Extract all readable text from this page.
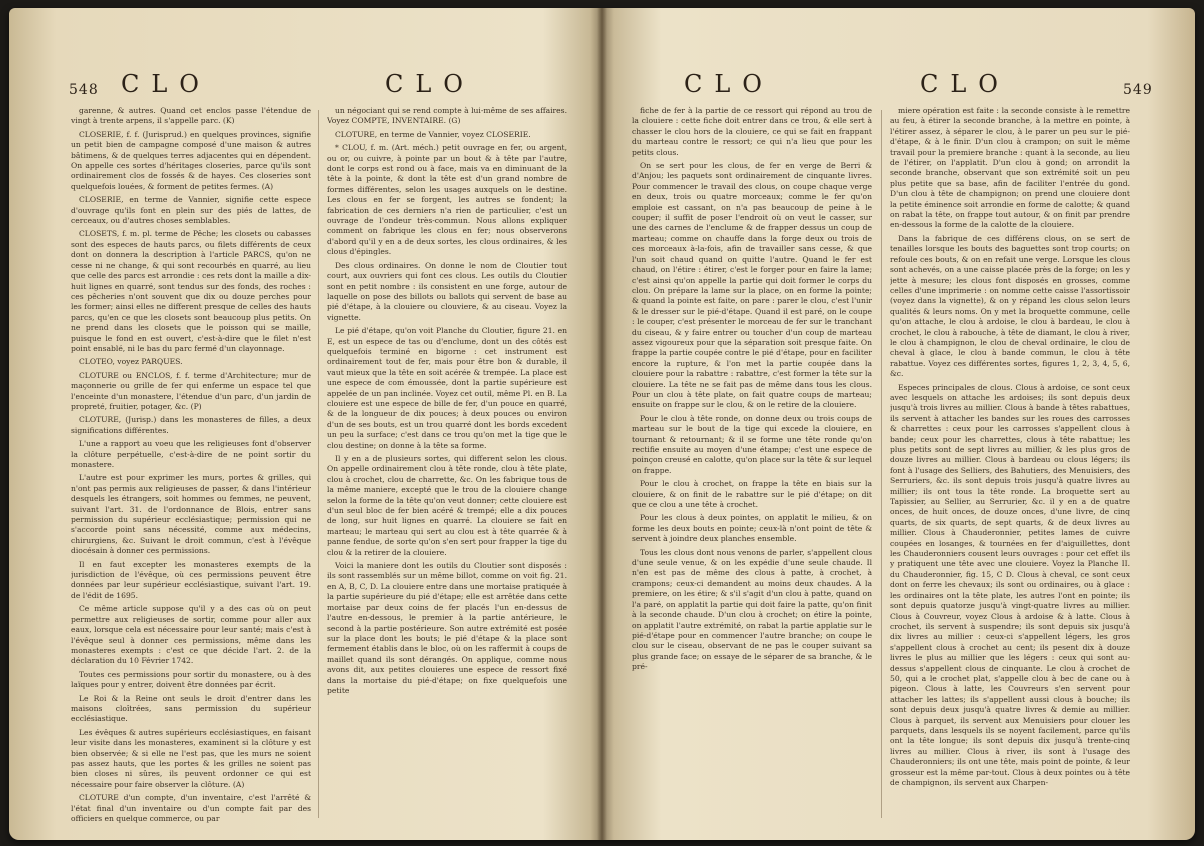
548 CLO	CLO

garenne, & autres. Quand cet enclos passe l'étendue de vingt à trente arpens, il s'appelle parc. (K)

CLOSERIE, f. f. (Jurisprud.) en quelques provinces, signifie un petit bien de campagne composé d'une maison & autres bâtimens, & de quelques terres adjacentes qui en dépendent. On appelle ces sortes d'héritages closeries, parce qu'ils sont ordinairement clos de fossés & de hayes. Ces closeries sont quelquefois louées, & forment de petites fermes. (A)

CLOSERIE, en terme de Vannier, signifie cette espece d'ouvrage qu'ils font en plein sur des piés de lattes, de cerceaux, ou d'autres choses semblables.

CLOSETS, f. m. pl. terme de Pêche; les closets ou cabasses sont des especes de hauts parcs, ou filets différents de ceux dont on donnera la description à l'article PARCS, qu'on ne cesse ni ne change, & qui sont recourbés en quarré, au lieu que celle des parcs est arrondie : ces rets dont la maille a dix-huit lignes en quarré, sont tendus sur des fonds, des roches : ces pêcheries n'ont souvent que dix ou douze perches pour les former; ainsi elles ne different presque de celles des hauts parcs, qu'en ce que les closets sont beaucoup plus petits. On ne prend dans les closets que le poisson qui se maille, puisque le fond en est ouvert, c'est-à-dire que le filet n'est point ensablé, ni le bas du parc fermé d'un clayonnage.

CLOTEO, voyez PARQUES.

CLOTURE ou ENCLOS, f. f. terme d'Architecture; mur de maçonnerie ou grille de fer qui enferme un espace tel que l'enceinte d'un monastere, l'étendue d'un parc, d'un jardin de propreté, fruitier, potager, &c. (P)

CLOTURE, (Jurisp.) dans les monasteres de filles, a deux significations différentes.

L'une a rapport au voeu que les religieuses font d'observer la clôture perpétuelle, c'est-à-dire de ne point sortir du monastere.

L'autre est pour exprimer les murs, portes & grilles, qui n'ont pas permis aux religieuses de passer, & dans l'intérieur desquels les étrangers, soit hommes ou femmes, ne peuvent, suivant l'art. 31. de l'ordonnance de Blois, entrer sans permission du supérieur ecclésiastique; permission qui ne s'accorde point sans nécessité, comme aux médecins, chirurgiens, &c. Suivant le droit commun, c'est à l'évêque diocésain à donner ces permissions.

Il en faut excepter les monasteres exempts de la jurisdiction de l'évêque, où ces permissions peuvent être données par leur supérieur ecclésiastique, suivant l'art. 19. de l'édit de 1695.

Ce même article suppose qu'il y a des cas où on peut permettre aux religieuses de sortir, comme pour aller aux eaux, lorsque cela est nécessaire pour leur santé; mais c'est à l'évêque seul à donner ces permissions, même dans les monasteres exempts : c'est ce que décide l'art. 2. de la déclaration du 10 Février 1742.

Toutes ces permissions pour sortir du monastere, ou à des laïques pour y entrer, doivent être données par écrit.

Le Roi & la Reine ont seuls le droit d'entrer dans les maisons cloîtrées, sans permission du supérieur ecclésiastique.

Les évêques & autres supérieurs ecclésiastiques, en faisant leur visite dans les monasteres, examinent si la clôture y est bien observée; & si elle ne l'est pas, que les murs ne soient pas assez hauts, que les portes & les grilles ne soient pas bien closes ni sûres, ils peuvent ordonner ce qui est nécessaire pour faire observer la clôture. (A)

CLOTURE d'un compte, d'un inventaire, c'est l'arrêté & l'état final d'un inventaire ou d'un compte fait par des officiers en quelque commerce, ou par

un négociant qui se rend compte à lui-même de ses affaires. Voyez COMPTE, INVENTAIRE. (G)

CLOTURE, en terme de Vannier, voyez CLOSERIE.

* CLOU, f. m. (Art. méch.) petit ouvrage en fer, ou argent, ou or, ou cuivre, à pointe par un bout & à tête par l'autre, dont le corps est rond ou à face, mais va en diminuant de la tête à la pointe, & dont la tête est d'un grand nombre de formes différentes, selon les usages auxquels on le destine. Les clous en fer se forgent, les autres se fondent; la fabrication de ces derniers n'a rien de particulier, c'est un ouvrage de l'ondeur très-commun. Nous allons expliquer comment on fabrique les clous en fer; nous observerons d'abord qu'il y en a de deux sortes, les clous ordinaires, & les clous d'épingles.

Des clous ordinaires. On donne le nom de Cloutier tout court, aux ouvriers qui font ces clous. Les outils du Cloutier sont en petit nombre : ils consistent en une forge, autour de laquelle on pose des billots ou ballots qui servent de base au pié d'étape, à la clouiere ou clouviere, & au ciseau. Voyez la vignette.

Le pié d'étape, qu'on voit Planche du Cloutier, figure 21. en E, est un espece de tas ou d'enclume, dont un des côtés est quelquefois terminé en bigorne : cet instrument est ordinairement tout de fer, mais pour être bon & durable, il vaut mieux que la tête en soit acérée & trempée. La place est une espece de com émoussée, dont la partie supérieure est appelée de un pan inclinée. Voyez cet outil, même Pl. en B. La clouiere est une espece de bille de fer, d'un pouce en quarré, & de la longueur de dix pouces; à deux pouces ou environ d'un de ses bouts, est un trou quarré dont les bords excedent un peu la surface; c'est dans ce trou qu'on met la tige que le clou destine; on donne à la tête sa forme.

Il y en a de plusieurs sortes, qui different selon les clous. On appelle ordinairement clou à tête ronde, clou à tête plate, clou à crochet, clou de charrette, &c. On les fabrique tous de la même maniere, excepté que le trou de la clouiere change selon la forme de la tête qu'on veut donner; cette clouiere est d'un seul bloc de fer bien acéré & trempé; elle a dix pouces de long, sur huit lignes en quarré. La clouiere se fait en marteau; le marteau qui sert au clou est à tête quarrée & à panne fendue, de sorte qu'on s'en sert pour frapper la tige du clou & la retirer de la clouiere.

Voici la maniere dont les outils du Cloutier sont disposés : ils sont rassemblés sur un même billot, comme on voit fig. 21. en A, B, C, D. La clouiere entre dans une mortaise pratiquée à la partie supérieure du pié d'étape; elle est arrêtée dans cette mortaise par deux coins de fer placés l'un en-dessus de l'autre en-dessous, le premier à la partie antérieure, le second à la partie postérieure. Son autre extrémité est posée sur la place dont les bouts; le pié d'étape & la place sont fermement établis dans le bloc, où on les raffermit à coups de maillet quand ils sont dérangés. On applique, comme nous avons dit, aux petites clouieres une espece de ressort fixé dans la mortaise du pié-d'étape; on fixe quelquefois une petite

CLO	CLO	549

fiche de fer à la partie de ce ressort qui répond au trou de la clouiere : cette fiche doit entrer dans ce trou, & elle sert à chasser le clou hors de la clouiere, ce qui se fait en frappant du marteau contre le ressort; ce qui n'a lieu que pour les petits clous.

On se sert pour les clous, de fer en verge de Berri & d'Anjou; les paquets sont ordinairement de cinquante livres. Pour commencer le travail des clous, on coupe chaque verge en deux, trois ou quatre morceaux; comme le fer qu'on emploie est cassant, on n'a pas beaucoup de peine à le couper; il suffit de poser l'endroit où on veut le casser, sur une des carnes de l'enclume & de frapper dessus un coup de marteau; comme on chauffe dans la forge deux ou trois de ces morceaux à-la-fois, afin de travailler sans cesse, & que l'un soit chaud quand on quitte l'autre. Quand le fer est chaud, on l'étire : étirer, c'est le forger pour en faire la lame; c'est ainsi qu'on appelle la partie qui doit former le corps du clou. On prépare la lame sur la place, on en forme la pointe; & quand la pointe est faite, on pare : parer le clou, c'est l'unir & le dresser sur le pié-d'étape. Quand il est paré, on le coupe : le couper, c'est présenter le morceau de fer sur le tranchant du ciseau, & y faire entrer ou toucher d'un coup de marteau assez vigoureux pour que la séparation soit presque faite. On frappe la partie coupée contre le pié d'étape, pour en faciliter encore la rupture, & l'on met la partie coupée dans la clouiere pour la rabattre : rabattre, c'est former la tête sur la clouiere. La tête ne se fait pas de même dans tous les clous. Pour un clou à tête plate, on fait quatre coups de marteau; ensuite on frappe sur le clou, & on le retire de la clouiere.

Pour le clou à tête ronde, on donne deux ou trois coups de marteau sur le bout de la tige qui excede la clouiere, en tournant & retournant; & il se forme une tête ronde qu'on rectifie ensuite au moyen d'une étampe; c'est une espece de poinçon creusé en calotte, qu'on place sur la tête & sur lequel on frappe.

Pour le clou à crochet, on frappe la tête en biais sur la clouiere, & on finit de le rabattre sur le pié d'étape; on dit que ce clou a une tête à crochet.

Pour les clous à deux pointes, on applatit le milieu, & on forme les deux bouts en pointe; ceux-là n'ont point de tête & servent à joindre deux planches ensemble.

Tous les clous dont nous venons de parler, s'appellent clous d'une seule venue, & on les expédie d'une seule chaude. Il n'en est pas de même des clous à patte, à crochet, à crampons; ceux-ci demandent au moins deux chaudes. A la premiere, on les étire; & s'il s'agit d'un clou à patte, quand on l'a paré, on applatit la partie qui doit faire la patte, qu'on finit à la seconde chaude. D'un clou à crochet; on étire la pointe, on applatit l'autre extrémité, on rabat la partie applatie sur le pié-d'étape pour en commencer l'autre branche; on coupe le clou sur le ciseau, observant de ne pas le couper suivant sa plus grande face; on essaye de le séparer de sa branche, & le pré-

miere opération est faite : la seconde consiste à le remettre au feu, à étirer la seconde branche, à la mettre en pointe, à l'étirer assez, à séparer le clou, à le parer un peu sur le pié-d'étape, & à le finir. D'un clou à crampon; on suit le même travail pour la premiere branche : quant à la seconde, au lieu de l'étirer, on l'applatit. D'un clou à gond; on arrondit la seconde branche, observant que son extrémité soit un peu plus petite que sa base, afin de faciliter l'entrée du gond. D'un clou à tête de champignon; on prend une clouiere dont la petite éminence soit arrondie en forme de calotte; & quand on rabat la tête, on frappe tout autour, & on finit par prendre en-dessous la forme de la calotte de la clouiere.

Dans la fabrique de ces différens clous, on se sert de tenailles lorsque les bouts des baguettes sont trop courts; on refoule ces bouts, & on en refait une verge. Lorsque les clous sont achevés, on a une caisse placée près de la forge; on les y jette à mesure; les clous font disposés en grosses, comme celles d'une imprimerie : on nomme cette caisse l'assortissoir (voyez dans la vignette), & on y répand les clous selon leurs qualités & leurs noms. On y met la broquette commune, celle qu'on attache, le clou à ardoise, le clou à bardeau, le clou à crochet, le clou à rabouche, à tête de diamant, le clou à river, le clou à champignon, le clou de cheval ordinaire, le clou de cheval à glace, le clou à bande commun, le clou à tête rabattue. Voyez ces différentes sortes, figures 1, 2, 3, 4, 5, 6, &c.

Especes principales de clous. Clous à ardoise, ce sont ceux avec lesquels on attache les ardoises; ils sont depuis deux jusqu'à trois livres au millier. Clous à bande à têtes rabattues, ils servent à attacher les bandes sur les roues des carrosses & charrettes : ceux pour les carrosses s'appellent clous à bande; ceux pour les charrettes, clous à tête rabattue; les plus petits sont de sept livres au millier, & les plus gros de douze livres au millier. Clous à bardeau ou clous légers; ils font à l'usage des Selliers, des Bahutiers, des Menuisiers, des Serruriers, &c. ils sont depuis trois jusqu'à quatre livres au millier; ils ont tous la tête ronde. La broquette sert au Tapissier, au Sellier, au Serrurier, &c. il y en a de quatre onces, de huit onces, de douze onces, d'une livre, de cinq quarts, de six quarts, de sept quarts, & de deux livres au millier. Clous à Chauderonnier, petites lames de cuivre coupées en losanges, & tournées en fer d'aiguillettes, dont les Chauderonniers cousent leurs ouvrages : pour cet effet ils y pratiquent une tête avec une clouiere. Voyez la Planche II. du Chauderonnier, fig. 15, C D. Clous à cheval, ce sont ceux dont on ferre les chevaux; ils sont ou ordinaires, ou à glace : les ordinaires ont la tête plate, les autres l'ont en pointe; ils sont depuis quatorze jusqu'à vingt-quatre livres au millier. Clous à Couvreur, voyez Clous à ardoise & à latte. Clous à crochet, ils servent à suspendre; ils sont depuis six jusqu'à dix livres au millier : ceux-ci s'appellent légers, les gros s'appellent clous à crochet au cent; ils pesent dix à douze livres le plus au millier que les légers : ceux qui sont au-dessus s'appellent clous de cinquante. Le clou à crochet de 50, qui a le crochet plat, s'appelle clou à bec de cane ou à pigeon. Clous à latte, les Couvreurs s'en servent pour attacher les lattes; ils s'appellent aussi clous à bouche; ils sont depuis deux jusqu'à quatre livres & demie au millier. Clous à parquet, ils servent aux Menuisiers pour clouer les parquets, dans lesquels ils se noyent facilement, parce qu'ils ont la tête longue; ils sont depuis dix jusqu'à trente-cinq livres au millier. Clous à river, ils sont à l'usage des Chauderonniers; ils ont une tête, mais point de pointe, & leur grosseur est la même par-tout. Clous à deux pointes ou à tête de champignon, ils servent aux Charpen-
